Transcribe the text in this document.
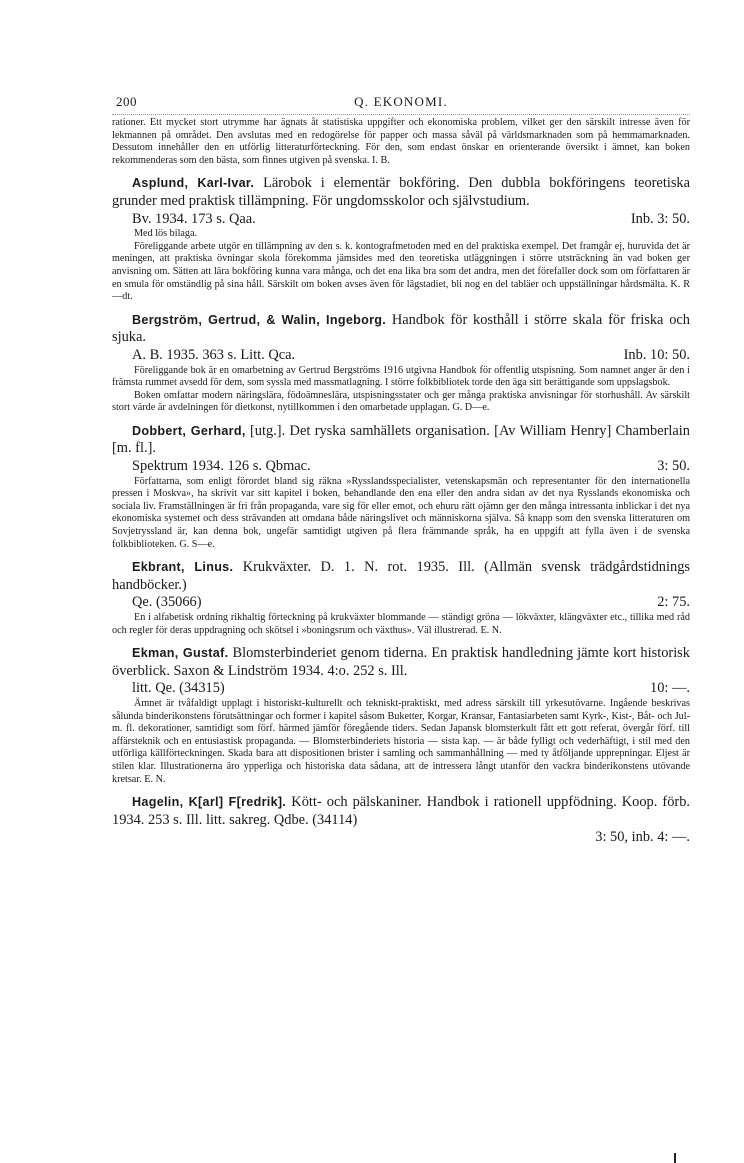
200	Q. EKONOMI.

rationer. Ett mycket stort utrymme har ägnats åt statistiska uppgifter och ekonomiska problem, vilket ger den särskilt intresse även för lekmannen på området. Den avslutas med en redogörelse för papper och massa såväl på världsmarknaden som på hemmamarknaden. Dessutom innehåller den en utförlig litteraturförteckning. För den, som endast önskar en orienterande översikt i ämnet, kan boken rekommenderas som den bästa, som finnes utgiven på svenska. I. B.

Asplund, Karl-Ivar. Lärobok i elementär bokföring. Den dubbla bokföringens teoretiska grunder med praktisk tillämpning. För ungdomsskolor och självstudium.
Bv. 1934. 173 s. Qaa.	Inb. 3: 50.

Med lös bilaga.

Föreliggande arbete utgör en tillämpning av den s. k. kontografmetoden med en del praktiska exempel. Det framgår ej, huruvida det är meningen, att praktiska övningar skola förekomma jämsides med den teoretiska utläggningen i större utsträckning än vad boken ger anvisning om. Sätten att lära bokföring kunna vara många, och det ena lika bra som det andra, men det förefaller dock som om författaren är en smula för omständlig på sina håll. Särskilt om boken avses även för lägstadiet, bli nog en del tabläer och uppställningar hårdsmälta. K. R—dt.

Bergström, Gertrud, & Walin, Ingeborg. Handbok för kosthåll i större skala för friska och sjuka.
A. B. 1935. 363 s. Litt. Qca.	Inb. 10: 50.

Föreliggande bok är en omarbetning av Gertrud Bergströms 1916 utgivna Handbok för offentlig utspisning. Som namnet anger är den i främsta rummet avsedd för dem, som syssla med massmatlagning. I större folkbibliotek torde den äga sitt berättigande som uppslagsbok.

Boken omfattar modern näringslära, födoämneslära, utspisningsstater och ger många praktiska anvisningar för storhushåll. Av särskilt stort värde är avdelningen för dietkonst, nytillkommen i den omarbetade upplagan. G. D—e.

Dobbert, Gerhard, [utg.]. Det ryska samhällets organisation. [Av William Henry] Chamberlain [m. fl.].
Spektrum 1934. 126 s. Qbmac.	3: 50.

Författarna, som enligt förordet bland sig räkna »Rysslandsspecialister, vetenskapsmän och representanter för den internationella pressen i Moskva», ha skrivit var sitt kapitel i boken, behandlande den ena eller den andra sidan av det nya Rysslands ekonomiska och sociala liv. Framställningen är fri från propaganda, vare sig för eller emot, och ehuru rätt ojämn ger den många intressanta inblickar i det nya ekonomiska systemet och dess strävanden att omdana både näringslivet och människorna själva. Så knapp som den svenska litteraturen om Sovjetryssland är, kan denna bok, ungefär samtidigt utgiven på flera främmande språk, ha en uppgift att fylla även i de svenska folkbiblioteken. G. S—e.

Ekbrant, Linus. Krukväxter. D. 1. N. rot. 1935. Ill. (Allmän svensk trädgårdstidnings handböcker.)
Qe. (35066)	2: 75.

En i alfabetisk ordning rikhaltig förteckning på krukväxter blommande — ständigt gröna — lökväxter, klängväxter etc., tillika med råd och regler för deras uppdragning och skötsel i »boningsrum och växthus». Väl illustrerad. E. N.

Ekman, Gustaf. Blomsterbinderiet genom tiderna. En praktisk handledning jämte kort historisk överblick. Saxon & Lindström 1934. 4:o. 252 s. Ill.
litt. Qe. (34315)	10: —.

Ämnet är tvåfaldigt upplagt i historiskt-kulturellt och tekniskt-praktiskt, med adress särskilt till yrkesutövarne. Ingående beskrivas sålunda binderikonstens förutsättningar och former i kapitel såsom Buketter, Korgar, Kransar, Fantasiarbeten samt Kyrk-, Kist-, Båt- och Jul- m. fl. dekorationer, samtidigt som förf. härmed jämför föregående tiders. Sedan Japansk blomsterkult fått ett gott referat, övergår förf. till affärsteknik och en entusiastisk propaganda. — Blomsterbinderiets historia — sista kap. — är både fylligt och vederhäftigt, i stil med den utförliga källförteckningen. Skada bara att dispositionen brister i samling och sammanhållning — med ty åtföljande upprepningar. Eljest är stilen klar. Illustrationerna äro ypperliga och historiska data sådana, att de intressera långt utanför den vackra binderikonstens utövande kretsar. E. N.

Hagelin, K[arl] F[redrik]. Kött- och pälskaniner. Handbok i rationell uppfödning. Koop. förb. 1934. 253 s. Ill. litt. sakreg. Qdbe. (34114)

3: 50, inb. 4: —.
